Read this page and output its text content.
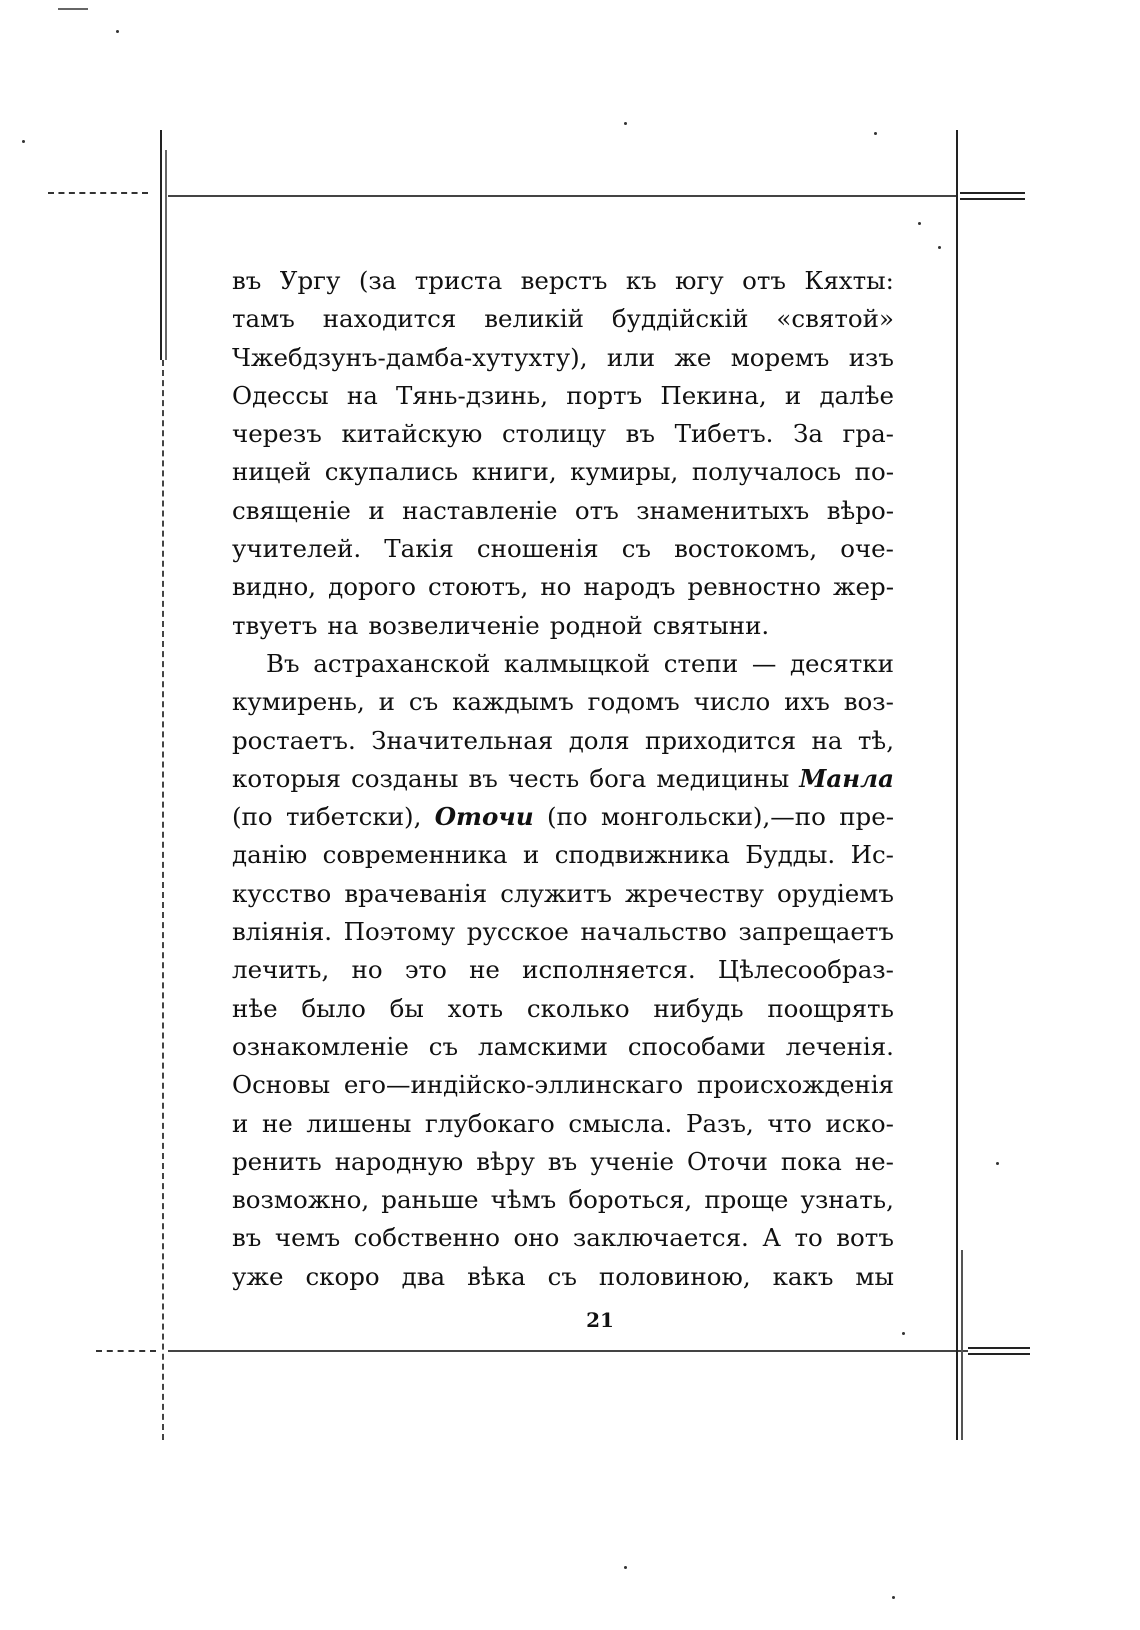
въ Ургу (за триста верстъ къ югу отъ Кяхты:
тамъ находится великій буддійскій «святой»
Чжебдзунъ-дамба-хутухту), или же моремъ изъ
Одессы на Тянь-дзинь, портъ Пекина, и далѣе
черезъ китайскую столицу въ Тибетъ. За гра-
ницей скупались книги, кумиры, получалось по-
священіе и наставленіе отъ знаменитыхъ вѣро-
учителей. Такія сношенія съ востокомъ, оче-
видно, дорого стоютъ, но народъ ревностно жер-
твуетъ на возвеличеніе родной святыни.
Въ астраханской калмыцкой степи — десятки
кумирень, и съ каждымъ годомъ число ихъ воз-
ростаетъ. Значительная доля приходится на тѣ,
которыя созданы въ честь бога медицины Манла
(по тибетски), Оточи (по монгольски),—по пре-
данію современника и сподвижника Будды. Ис-
кусство врачеванія служитъ жречеству орудіемъ
вліянія. Поэтому русское начальство запрещаетъ
лечить, но это не исполняется. Цѣлесообраз-
нѣе было бы хоть сколько нибудь поощрять
ознакомленіе съ ламскими способами леченія.
Основы его—индійско-эллинскаго происхожденія
и не лишены глубокаго смысла. Разъ, что иско-
ренить народную вѣру въ ученіе Оточи пока не-
возможно, раньше чѣмъ бороться, проще узнать,
въ чемъ собственно оно заключается. А то вотъ
уже скоро два вѣка съ половиною, какъ мы
21
